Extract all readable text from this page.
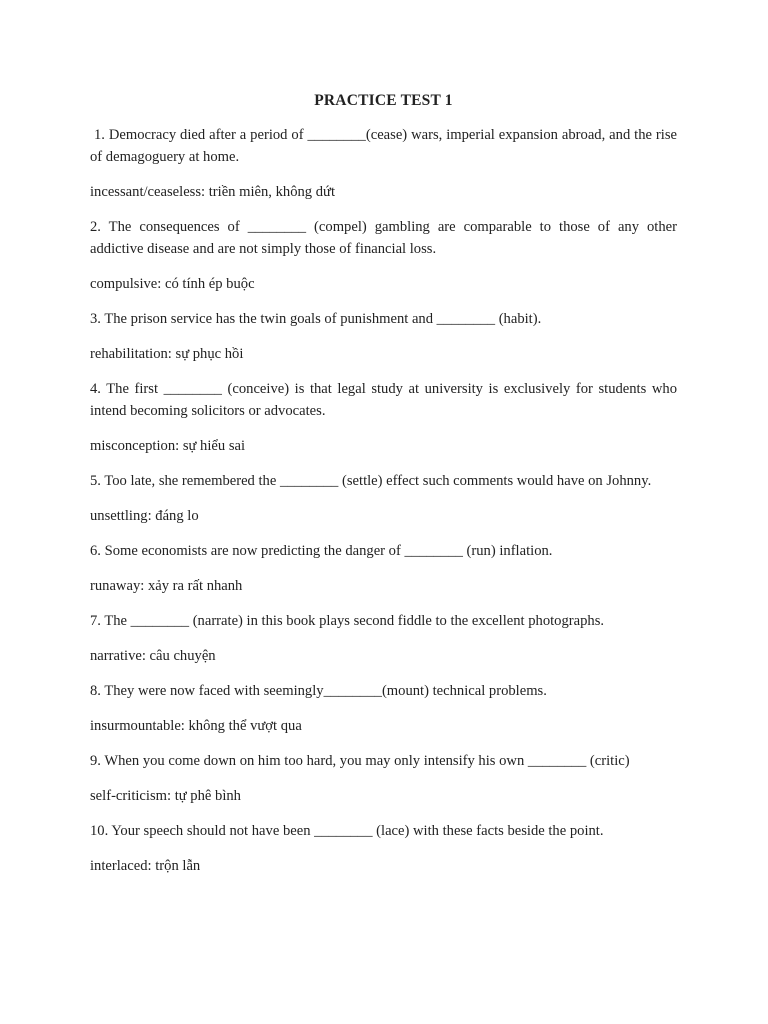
PRACTICE TEST 1

1. Democracy died after a period of ________(cease) wars, imperial expansion abroad, and the rise of demagoguery at home.

incessant/ceaseless: triền miên, không dứt

2. The consequences of ________ (compel) gambling are comparable to those of any other addictive disease and are not simply those of financial loss.

compulsive: có tính ép buộc

3. The prison service has the twin goals of punishment and ________ (habit).

rehabilitation: sự phục hồi

4. The first ________ (conceive) is that legal study at university is exclusively for students who intend becoming solicitors or advocates.

misconception: sự hiểu sai

5. Too late, she remembered the ________ (settle) effect such comments would have on Johnny.

unsettling: đáng lo

6. Some economists are now predicting the danger of ________ (run) inflation.

runaway: xảy ra rất nhanh

7. The ________ (narrate) in this book plays second fiddle to the excellent photographs.

narrative: câu chuyện

8. They were now faced with seemingly________(mount) technical problems.

insurmountable: không thể vượt qua

9. When you come down on him too hard, you may only intensify his own ________ (critic)

self-criticism: tự phê bình

10. Your speech should not have been ________ (lace) with these facts beside the point.

interlaced: trộn lẫn
